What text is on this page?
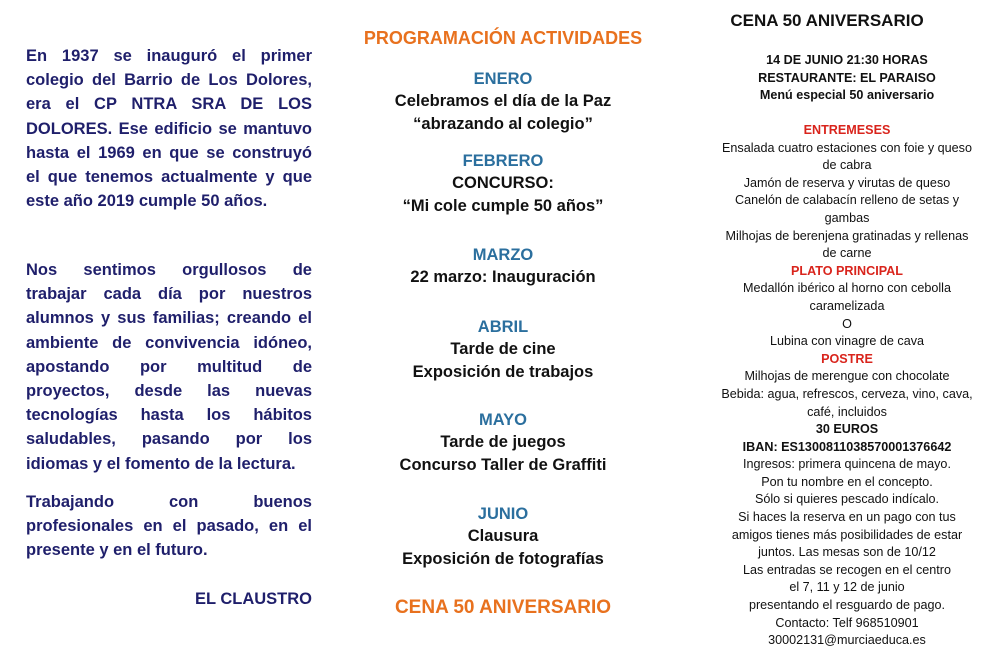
En 1937 se inauguró el primer colegio del Barrio de Los Dolores, era el CP NTRA SRA DE LOS DOLORES. Ese edificio se mantuvo hasta el 1969 en que se construyó el que tenemos actualmente y que este año 2019 cumple 50 años.

Nos sentimos orgullosos de trabajar cada día por nuestros alumnos y sus familias; creando el ambiente de convivencia idóneo, apostando por multitud de proyectos, desde las nuevas tecnologías hasta los hábitos saludables, pasando por los idiomas y el fomento de la lectura.

Trabajando con buenos profesionales en el pasado, en el presente y en el futuro.

EL CLAUSTRO
PROGRAMACIÓN ACTIVIDADES
ENERO
Celebramos el día de la Paz
“abrazando al colegio”
FEBRERO
CONCURSO:
“Mi cole cumple 50 años”
MARZO
22 marzo: Inauguración
ABRIL
Tarde de cine
Exposición de trabajos
MAYO
Tarde de juegos
Concurso Taller de Graffiti
JUNIO
Clausura
Exposición de fotografías
CENA 50 ANIVERSARIO
CENA 50 ANIVERSARIO
14 DE JUNIO 21:30 HORAS
RESTAURANTE: EL PARAISO
Menú especial 50 aniversario
ENTREMESES
Ensalada cuatro estaciones con foie y queso
de cabra
Jamón de reserva y virutas de queso
Canelón de calabacín relleno de setas y
gambas
Milhojas de berenjena gratinadas y rellenas
de carne
PLATO PRINCIPAL
Medallón ibérico al horno con cebolla
caramelizada
O
Lubina con vinagre de cava
POSTRE
Milhojas de merengue con chocolate
Bebida: agua, refrescos, cerveza, vino, cava,
café, incluidos
30 EUROS
IBAN: ES1300811038570001376642
Ingresos: primera quincena de mayo.
Pon tu nombre en el concepto.
Sólo si quieres pescado indícalo.
Si haces la reserva en un pago con tus
amigos tienes más posibilidades de estar
juntos. Las mesas son de 10/12
Las entradas se recogen en el centro
el 7, 11 y 12 de junio
presentando el resguardo de pago.
Contacto: Telf 968510901
30002131@murciaeduca.es
